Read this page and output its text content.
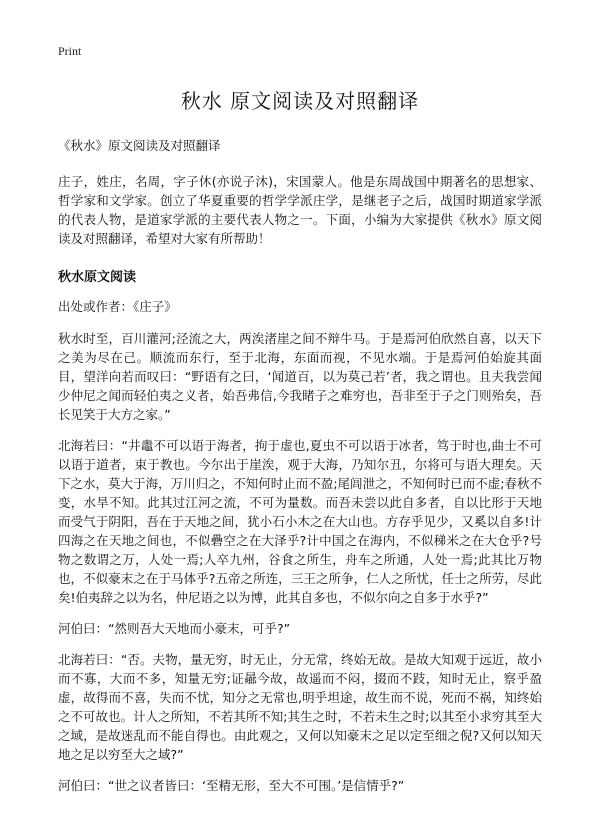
Print
秋水 原文阅读及对照翻译
《秋水》原文阅读及对照翻译

庄子，姓庄，名周，字子休(亦说子沐)，宋国蒙人。他是东周战国中期著名的思想家、哲学家和文学家。创立了华夏重要的哲学学派庄学，是继老子之后，战国时期道家学派的代表人物，是道家学派的主要代表人物之一。下面，小编为大家提供《秋水》原文阅读及对照翻译，希望对大家有所帮助！

秋水原文阅读
出处或作者：《庄子》

秋水时至，百川灌河;泾流之大，两涘渚崖之间不辩牛马。于是焉河伯欣然自喜，以天下之美为尽在己。顺流而东行，至于北海，东面而视，不见水端。于是焉河伯始旋其面目，望洋向若而叹曰：“野语有之曰，‘闻道百，以为莫己若’者，我之谓也。且夫我尝闻少仲尼之闻而轻伯夷之义者，始吾弗信,今我睹子之难穷也，吾非至于子之门则殆矣，吾长见笑于大方之家。”

北海若曰：“井鼃不可以语于海者，拘于虚也,夏虫不可以语于冰者，笃于时也,曲士不可以语于道者，束于教也。今尔出于崖涘，观于大海，乃知尔丑，尔将可与语大理矣。天下之水，莫大于海，万川归之，不知何时止而不盈;尾闾泄之，不知何时已而不虚;春秋不变，水旱不知。此其过江河之流，不可为量数。而吾未尝以此自多者，自以比形于天地而受气于阴阳，吾在于天地之间，犹小石小木之在大山也。方存乎见少，又奚以自多!计四海之在天地之间也，不似礨空之在大泽乎?计中国之在海内，不似稊米之在大仓乎?号物之数谓之万，人处一焉;人卒九州，谷食之所生，舟车之所通，人处一焉;此其比万物也，不似豪末之在于马体乎?五帝之所连，三王之所争，仁人之所忧，任士之所劳，尽此矣!伯夷辞之以为名，仲尼语之以为博，此其自多也，不似尔向之自多于水乎?”

河伯曰：“然则吾大天地而小豪末，可乎?”

北海若曰：“否。夫物，量无穷，时无止，分无常，终始无故。是故大知观于远近，故小而不寡，大而不多，知量无穷;证曏今故，故遥而不闷，掇而不跂，知时无止，察乎盈虚，故得而不喜，失而不忧，知分之无常也,明乎坦途，故生而不说，死而不祸，知终始之不可故也。计人之所知，不若其所不知;其生之时，不若未生之时;以其至小求穷其至大之域，是故迷乱而不能自得也。由此观之，又何以知豪末之足以定至细之倪?又何以知天地之足以穷至大之域?”

河伯曰：“世之议者皆曰：‘至精无形，至大不可围。’是信情乎?”
